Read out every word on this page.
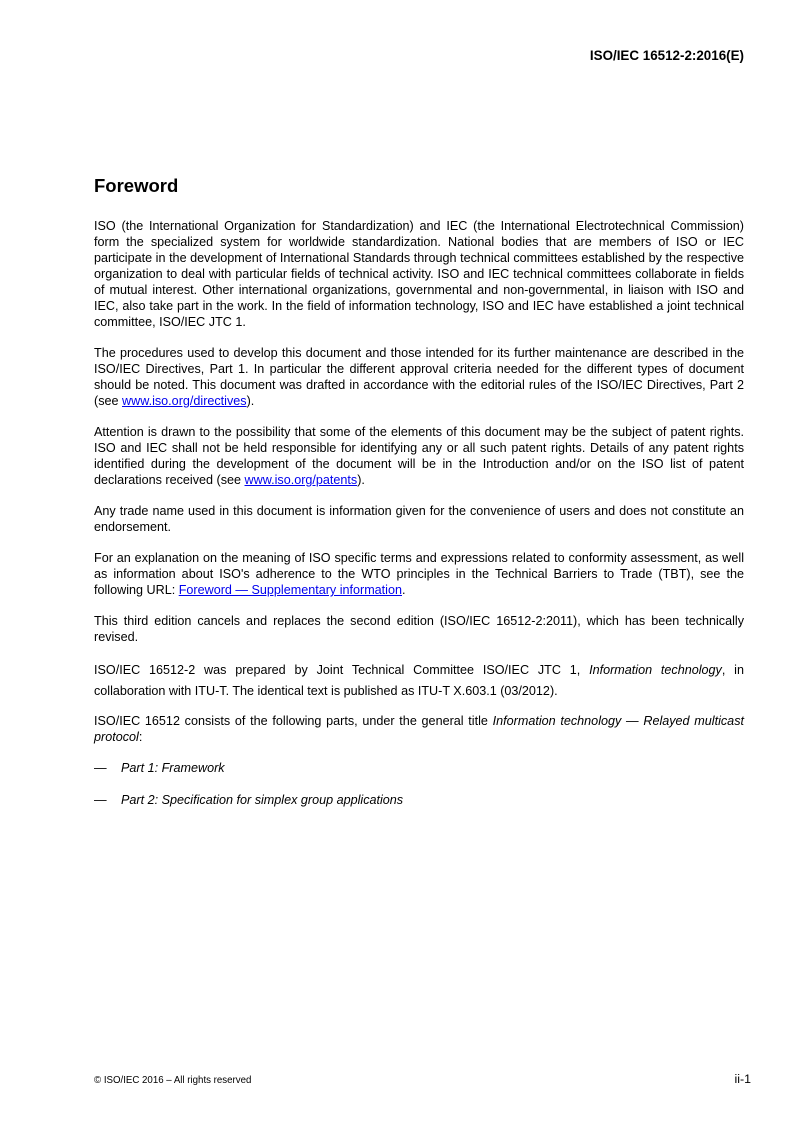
ISO/IEC 16512-2:2016(E)
Foreword

ISO (the International Organization for Standardization) and IEC (the International Electrotechnical Commission) form the specialized system for worldwide standardization. National bodies that are members of ISO or IEC participate in the development of International Standards through technical committees established by the respective organization to deal with particular fields of technical activity. ISO and IEC technical committees collaborate in fields of mutual interest. Other international organizations, governmental and non-governmental, in liaison with ISO and IEC, also take part in the work. In the field of information technology, ISO and IEC have established a joint technical committee, ISO/IEC JTC 1.

The procedures used to develop this document and those intended for its further maintenance are described in the ISO/IEC Directives, Part 1. In particular the different approval criteria needed for the different types of document should be noted. This document was drafted in accordance with the editorial rules of the ISO/IEC Directives, Part 2 (see www.iso.org/directives).

Attention is drawn to the possibility that some of the elements of this document may be the subject of patent rights. ISO and IEC shall not be held responsible for identifying any or all such patent rights. Details of any patent rights identified during the development of the document will be in the Introduction and/or on the ISO list of patent declarations received (see www.iso.org/patents).

Any trade name used in this document is information given for the convenience of users and does not constitute an endorsement.

For an explanation on the meaning of ISO specific terms and expressions related to conformity assessment, as well as information about ISO's adherence to the WTO principles in the Technical Barriers to Trade (TBT), see the following URL: Foreword — Supplementary information.

This third edition cancels and replaces the second edition (ISO/IEC 16512-2:2011), which has been technically revised.

ISO/IEC 16512-2 was prepared by Joint Technical Committee ISO/IEC JTC 1, Information technology, in collaboration with ITU-T. The identical text is published as ITU-T X.603.1 (03/2012).

ISO/IEC 16512 consists of the following parts, under the general title Information technology — Relayed multicast protocol:

—	Part 1: Framework
—	Part 2: Specification for simplex group applications
© ISO/IEC 2016 – All rights reserved	ii-1
